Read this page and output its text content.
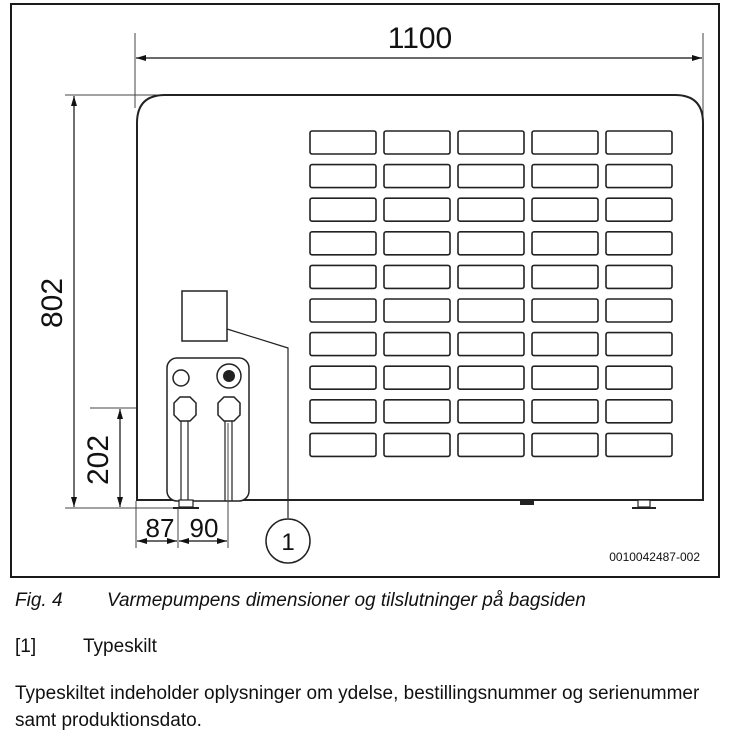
1100
802
202
87 90	1
0010042487-002
Fig. 4 Varmepumpens dimensioner og tilslutninger på bagsiden
[1] Typeskilt
Typeskiltet indeholder oplysninger om ydelse, bestillingsnummer og serienummer samt produktionsdato.
